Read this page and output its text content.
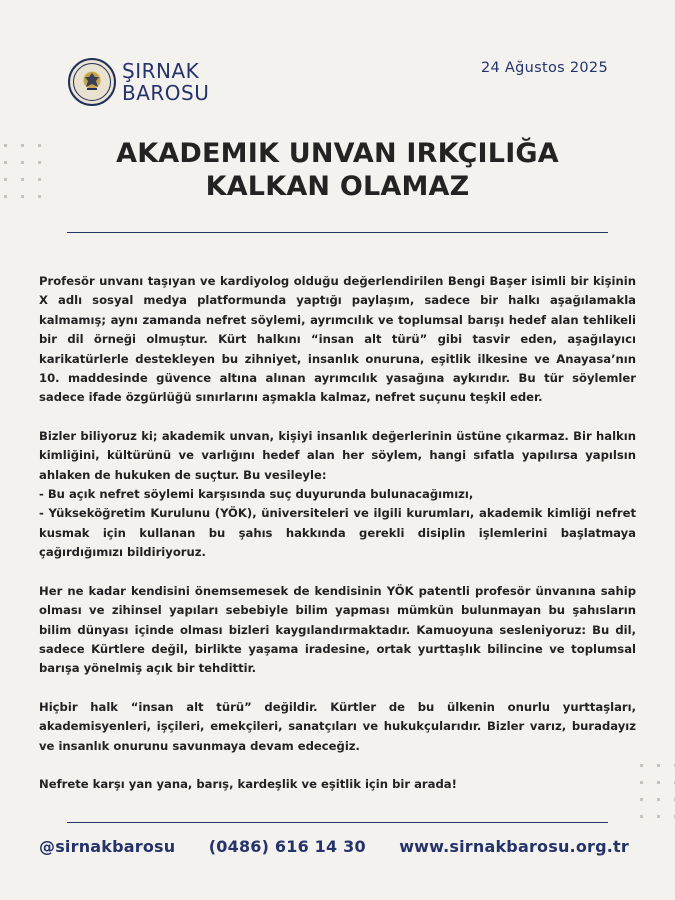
ŞIRNAK
BAROSU
24 Ağustos 2025
AKADEMIK UNVAN IRKÇILIĞA
KALKAN OLAMAZ

Profesör unvanı taşıyan ve kardiyolog olduğu değerlendirilen Bengi Başer isimli bir kişinin X adlı sosyal medya platformunda yaptığı paylaşım, sadece bir halkı aşağılamakla kalmamış; aynı zamanda nefret söylemi, ayrımcılık ve toplumsal barışı hedef alan tehlikeli bir dil örneği olmuştur. Kürt halkını “insan alt türü” gibi tasvir eden, aşağılayıcı karikatürlerle destekleyen bu zihniyet, insanlık onuruna, eşitlik ilkesine ve Anayasa’nın 10. maddesinde güvence altına alınan ayrımcılık yasağına aykırıdır. Bu tür söylemler sadece ifade özgürlüğü sınırlarını aşmakla kalmaz, nefret suçunu teşkil eder.

Bizler biliyoruz ki; akademik unvan, kişiyi insanlık değerlerinin üstüne çıkarmaz. Bir halkın kimliğini, kültürünü ve varlığını hedef alan her söylem, hangi sıfatla yapılırsa yapılsın ahlaken de hukuken de suçtur. Bu vesileyle:
- Bu açık nefret söylemi karşısında suç duyurunda bulunacağımızı,
- Yükseköğretim Kurulunu (YÖK), üniversiteleri ve ilgili kurumları, akademik kimliği nefret kusmak için kullanan bu şahıs hakkında gerekli disiplin işlemlerini başlatmaya çağırdığımızı bildiriyoruz.

Her ne kadar kendisini önemsemesek de kendisinin YÖK patentli profesör ünvanına sahip olması ve zihinsel yapıları sebebiyle bilim yapması mümkün bulunmayan bu şahısların bilim dünyası içinde olması bizleri kaygılandırmaktadır. Kamuoyuna sesleniyoruz: Bu dil, sadece Kürtlere değil, birlikte yaşama iradesine, ortak yurttaşlık bilincine ve toplumsal barışa yönelmiş açık bir tehdittir.

Hiçbir halk “insan alt türü” değildir. Kürtler de bu ülkenin onurlu yurttaşları, akademisyenleri, işçileri, emekçileri, sanatçıları ve hukukçularıdır. Bizler varız, buradayız ve insanlık onurunu savunmaya devam edeceğiz.

Nefrete karşı yan yana, barış, kardeşlik ve eşitlik için bir arada!

@sirnakbarosu (0486) 616 14 30 www.sirnakbarosu.org.tr
